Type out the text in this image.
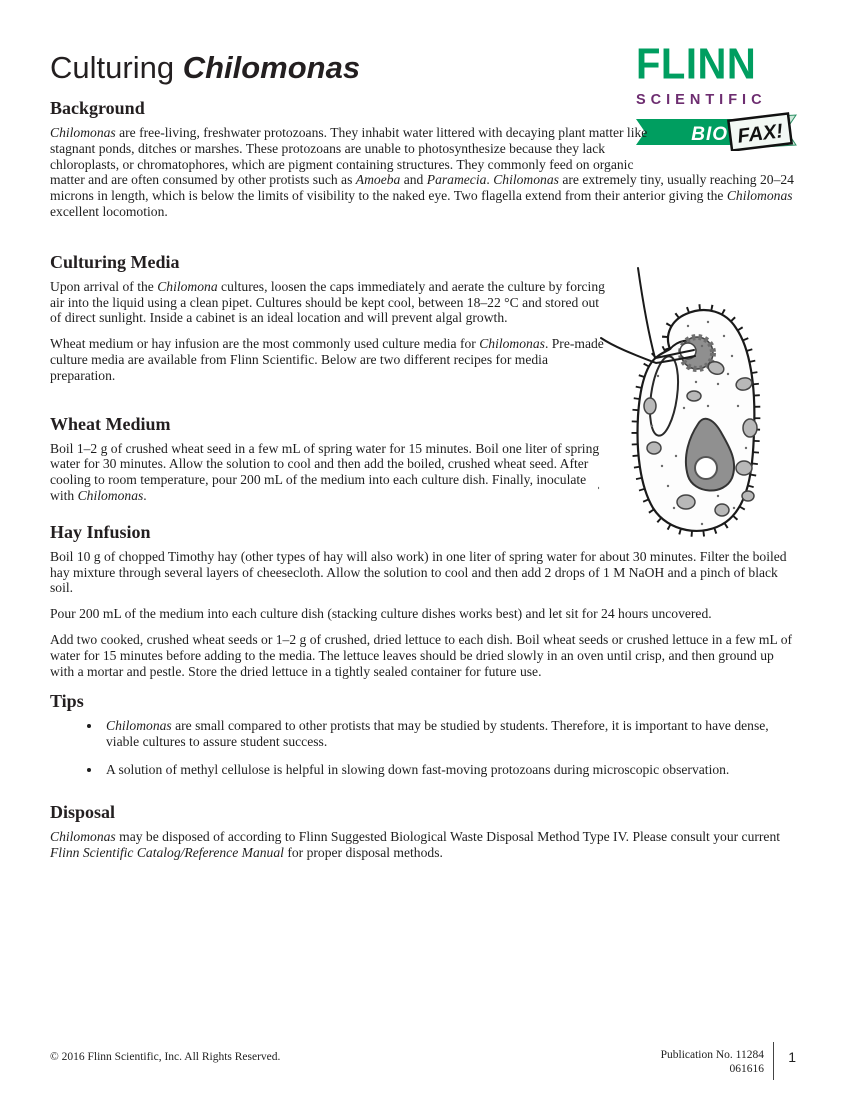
FLINN
SCIENTIFIC
BIO FAX!
Culturing Chilomonas
Background

Chilomonas are free-living, freshwater protozoans. They inhabit water littered with decaying plant matter like stagnant ponds, ditches or marshes. These protozoans are unable to photosynthesize because they lack chloroplasts, or chromatophores, which are pigment containing structures. They commonly feed on organic matter and are often consumed by other protists such as Amoeba and Paramecia. Chilomonas are extremely tiny, usually reaching 20–24 microns in length, which is below the limits of visibility to the naked eye. Two flagella extend from their anterior giving the Chilomonas excellent locomotion.

Culturing Media

Upon arrival of the Chilomona cultures, loosen the caps immediately and aerate the culture by forcing air into the liquid using a clean pipet. Cultures should be kept cool, between 18–22 °C and stored out of direct sunlight. Inside a cabinet is an ideal location and will prevent algal growth.

Wheat medium or hay infusion are the most commonly used culture media for Chilomonas. Pre-made culture media are available from Flinn Scientific. Below are two different recipes for media preparation.

Wheat Medium

Boil 1–2 g of crushed wheat seed in a few mL of spring water for 15 minutes. Boil one liter of spring water for 30 minutes. Allow the solution to cool and then add the boiled, crushed wheat seed. After cooling to room temperature, pour 200 mL of the medium into each culture dish. Finally, inoculate with Chilomonas.

Hay Infusion

Boil 10 g of chopped Timothy hay (other types of hay will also work) in one liter of spring water for about 30 minutes. Filter the boiled hay mixture through several layers of cheesecloth. Allow the solution to cool and then add 2 drops of 1 M NaOH and a pinch of black soil.

Pour 200 mL of the medium into each culture dish (stacking culture dishes works best) and let sit for 24 hours uncovered.

Add two cooked, crushed wheat seeds or 1–2 g of crushed, dried lettuce to each dish. Boil wheat seeds or crushed lettuce in a few mL of water for 15 minutes before adding to the media. The lettuce leaves should be dried slowly in an oven until crisp, and then ground up with a mortar and pestle. Store the dried lettuce in a tightly sealed container for future use.

Tips
• Chilomonas are small compared to other protists that may be studied by students. Therefore, it is important to have dense, viable cultures to assure student success.
• A solution of methyl cellulose is helpful in slowing down fast-moving protozoans during microscopic observation.
Disposal

Chilomonas may be disposed of according to Flinn Suggested Biological Waste Disposal Method Type IV. Please consult your current Flinn Scientific Catalog/Reference Manual for proper disposal methods.

© 2016 Flinn Scientific, Inc. All Rights Reserved.	Publication No. 11284
061616
1
